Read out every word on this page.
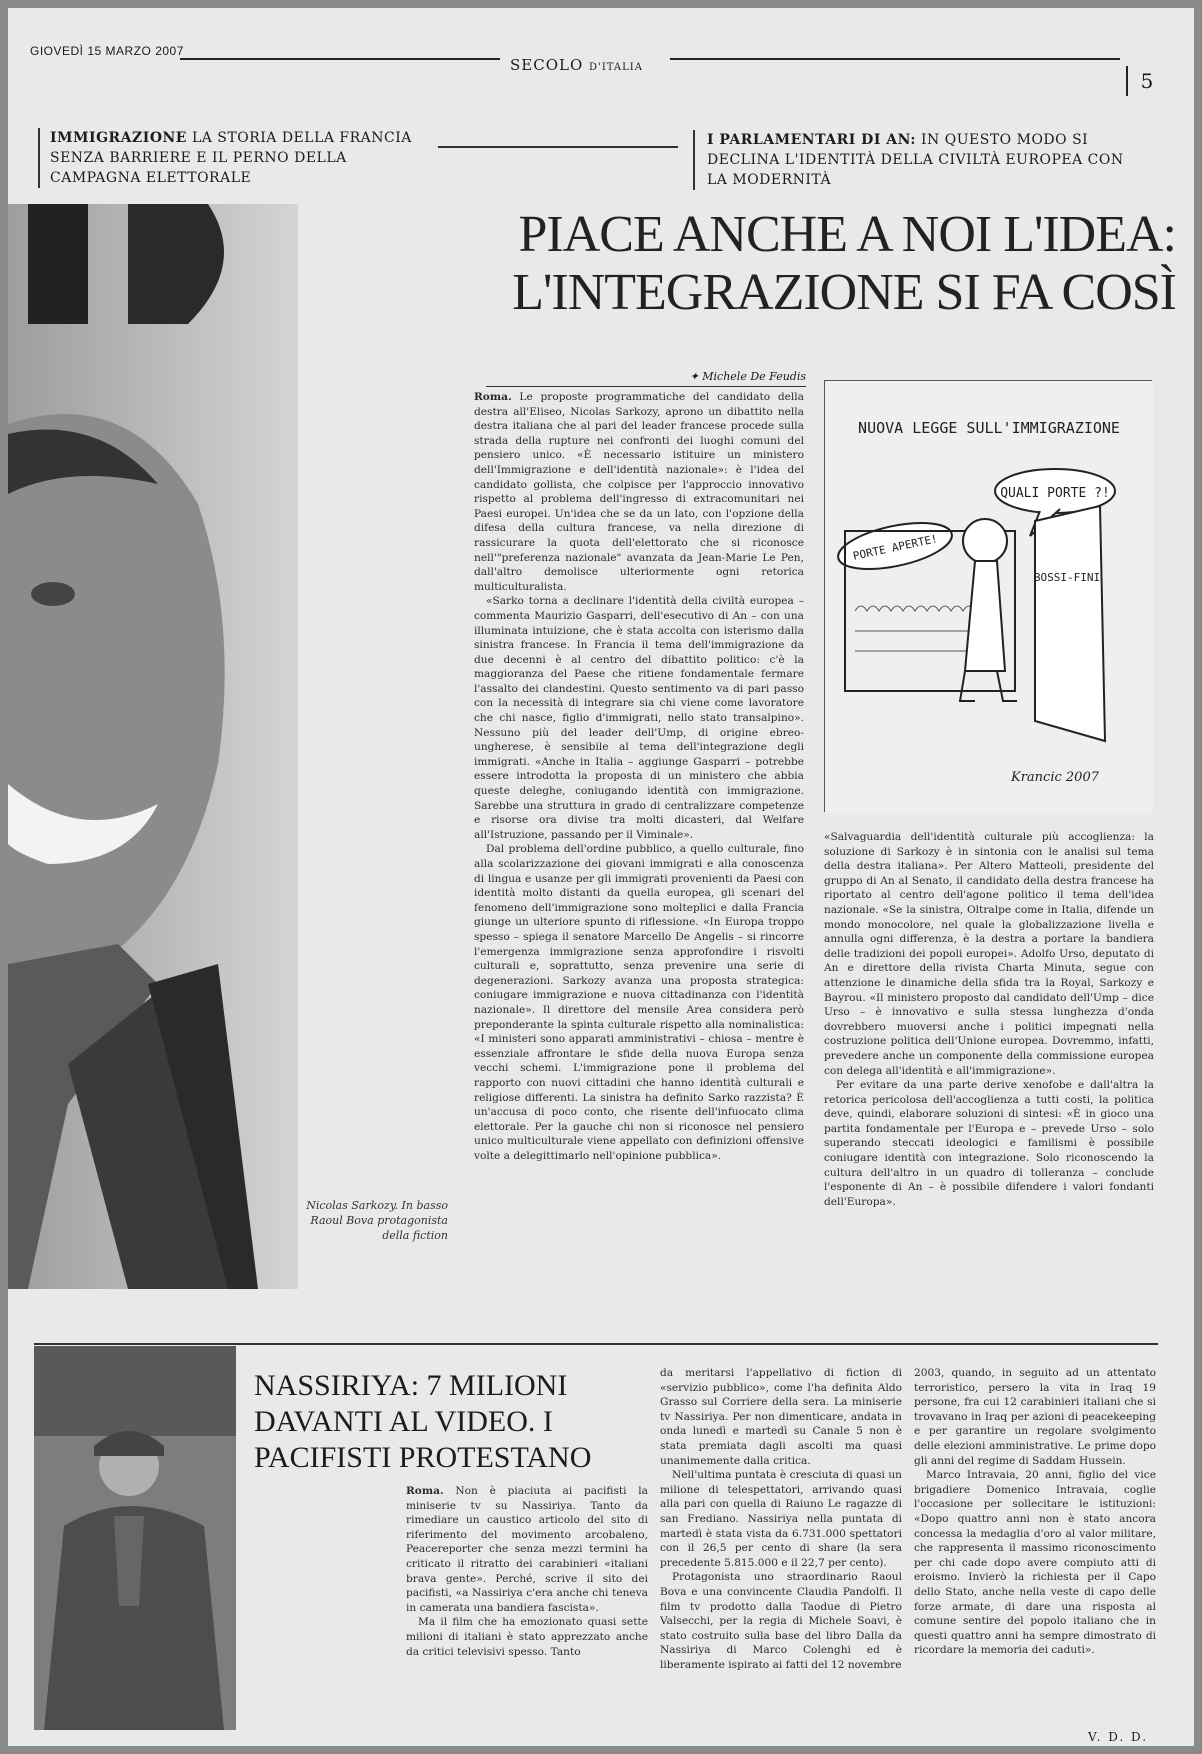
GIOVEDÌ 15 MARZO 2007
SECOLO D'ITALIA
5
IMMIGRAZIONE LA STORIA DELLA FRANCIA SENZA BARRIERE E IL PERNO DELLA CAMPAGNA ELETTORALE
I PARLAMENTARI DI AN: IN QUESTO MODO SI DECLINA L'IDENTITÀ DELLA CIVILTÀ EUROPEA CON LA MODERNITÀ
Nicolas Sarkozy. In basso Raoul Bova protagonista della fiction
PIACE ANCHE A NOI L'IDEA: L'INTEGRAZIONE SI FA COSÌ
✦ Michele De Feudis

Roma. Le proposte programmatiche del candidato della destra all'Eliseo, Nicolas Sarkozy, aprono un dibattito nella destra italiana che al pari del leader francese procede sulla strada della rupture nei confronti dei luoghi comuni del pensiero unico. «È necessario istituire un ministero dell'Immigrazione e dell'identità nazionale»: è l'idea del candidato gollista, che colpisce per l'approccio innovativo rispetto al problema dell'ingresso di extracomunitari nei Paesi europei. Un'idea che se da un lato, con l'opzione della difesa della cultura francese, va nella direzione di rassicurare la quota dell'elettorato che si riconosce nell'"preferenza nazionale" avanzata da Jean-Marie Le Pen, dall'altro demolisce ulteriormente ogni retorica multiculturalista.

«Sarko torna a declinare l'identità della civiltà europea – commenta Maurizio Gasparri, dell'esecutivo di An – con una illuminata intuizione, che è stata accolta con isterismo dalla sinistra francese. In Francia il tema dell'immigrazione da due decenni è al centro del dibattito politico: c'è la maggioranza del Paese che ritiene fondamentale fermare l'assalto dei clandestini. Questo sentimento va di pari passo con la necessità di integrare sia chi viene come lavoratore che chi nasce, figlio d'immigrati, nello stato transalpino». Nessuno più del leader dell'Ump, di origine ebreo-ungherese, è sensibile al tema dell'integrazione degli immigrati. «Anche in Italia – aggiunge Gasparri – potrebbe essere introdotta la proposta di un ministero che abbia queste deleghe, coniugando identità con immigrazione. Sarebbe una struttura in grado di centralizzare competenze e risorse ora divise tra molti dicasteri, dal Welfare all'Istruzione, passando per il Viminale».

Dal problema dell'ordine pubblico, a quello culturale, fino alla scolarizzazione dei giovani immigrati e alla conoscenza di lingua e usanze per gli immigrati provenienti da Paesi con identità molto distanti da quella europea, gli scenari del fenomeno dell'immigrazione sono molteplici e dalla Francia giunge un ulteriore spunto di riflessione. «In Europa troppo spesso – spiega il senatore Marcello De Angelis – si rincorre l'emergenza immigrazione senza approfondire i risvolti culturali e, soprattutto, senza prevenire una serie di degenerazioni. Sarkozy avanza una proposta strategica: coniugare immigrazione e nuova cittadinanza con l'identità nazionale». Il direttore del mensile Area considera però preponderante la spinta culturale rispetto alla nominalistica: «I ministeri sono apparati amministrativi – chiosa – mentre è essenziale affrontare le sfide della nuova Europa senza vecchi schemi. L'immigrazione pone il problema del rapporto con nuovi cittadini che hanno identità culturali e religiose differenti. La sinistra ha definito Sarko razzista? È un'accusa di poco conto, che risente dell'infuocato clima elettorale. Per la gauche chi non si riconosce nel pensiero unico multiculturale viene appellato con definizioni offensive volte a delegittimarlo nell'opinione pubblica».

NUOVA LEGGE SULL'IMMIGRAZIONE
QUALI PORTE ?!
PORTE APERTE!
BOSSI-FINI
Krancic 2007

«Salvaguardia dell'identità culturale più accoglienza: la soluzione di Sarkozy è in sintonia con le analisi sul tema della destra italiana». Per Altero Matteoli, presidente del gruppo di An al Senato, il candidato della destra francese ha riportato al centro dell'agone politico il tema dell'idea nazionale. «Se la sinistra, Oltralpe come in Italia, difende un mondo monocolore, nel quale la globalizzazione livella e annulla ogni differenza, è la destra a portare la bandiera delle tradizioni dei popoli europei». Adolfo Urso, deputato di An e direttore della rivista Charta Minuta, segue con attenzione le dinamiche della sfida tra la Royal, Sarkozy e Bayrou. «Il ministero proposto dal candidato dell'Ump – dice Urso – è innovativo e sulla stessa lunghezza d'onda dovrebbero muoversi anche i politici impegnati nella costruzione politica dell'Unione europea. Dovremmo, infatti, prevedere anche un componente della commissione europea con delega all'identità e all'immigrazione».

Per evitare da una parte derive xenofobe e dall'altra la retorica pericolosa dell'accoglienza a tutti costi, la politica deve, quindi, elaborare soluzioni di sintesi: «È in gioco una partita fondamentale per l'Europa e – prevede Urso – solo superando steccati ideologici e familismi è possibile coniugare identità con integrazione. Solo riconoscendo la cultura dell'altro in un quadro di tolleranza – conclude l'esponente di An – è possibile difendere i valori fondanti dell'Europa».

NASSIRIYA: 7 MILIONI DAVANTI AL VIDEO. I PACIFISTI PROTESTANO

Roma. Non è piaciuta ai pacifisti la miniserie tv su Nassiriya. Tanto da rimediare un caustico articolo del sito di riferimento del movimento arcobaleno, Peacereporter che senza mezzi termini ha criticato il ritratto dei carabinieri «italiani brava gente». Perché, scrive il sito dei pacifisti, «a Nassiriya c'era anche chi teneva in camerata una bandiera fascista».

Ma il film che ha emozionato quasi sette milioni di italiani è stato apprezzato anche da critici televisivi spesso. Tanto

da meritarsi l'appellativo di fiction di «servizio pubblico», come l'ha definita Aldo Grasso sul Corriere della sera. La miniserie tv Nassiriya. Per non dimenticare, andata in onda lunedì e martedì su Canale 5 non è stata premiata dagli ascolti ma quasi unanimemente dalla critica.

Nell'ultima puntata è cresciuta di quasi un milione di telespettatori, arrivando quasi alla pari con quella di Raiuno Le ragazze di san Frediano. Nassiriya nella puntata di martedì è stata vista da 6.731.000 spettatori con il 26,5 per cento di share (la sera precedente 5.815.000 e il 22,7 per cento).

Protagonista uno straordinario Raoul Bova e una convincente Claudia Pandolfi. Il film tv prodotto dalla Taodue di Pietro Valsecchi, per la regia di Michele Soavi, è stato costruito sulla base del libro Dalla da Nassiriya di Marco Colenghi ed è liberamente ispirato ai fatti del 12 novembre

2003, quando, in seguito ad un attentato terroristico, persero la vita in Iraq 19 persone, fra cui 12 carabinieri italiani che si trovavano in Iraq per azioni di peacekeeping e per garantire un regolare svolgimento delle elezioni amministrative. Le prime dopo gli anni del regime di Saddam Hussein.

Marco Intravaia, 20 anni, figlio del vice brigadiere Domenico Intravaia, coglie l'occasione per sollecitare le istituzioni: «Dopo quattro anni non è stato ancora concessa la medaglia d'oro al valor militare, che rappresenta il massimo riconoscimento per chi cade dopo avere compiuto atti di eroismo. Invierò la richiesta per il Capo dello Stato, anche nella veste di capo delle forze armate, di dare una risposta al comune sentire del popolo italiano che in questi quattro anni ha sempre dimostrato di ricordare la memoria dei caduti».

V. D. D.
